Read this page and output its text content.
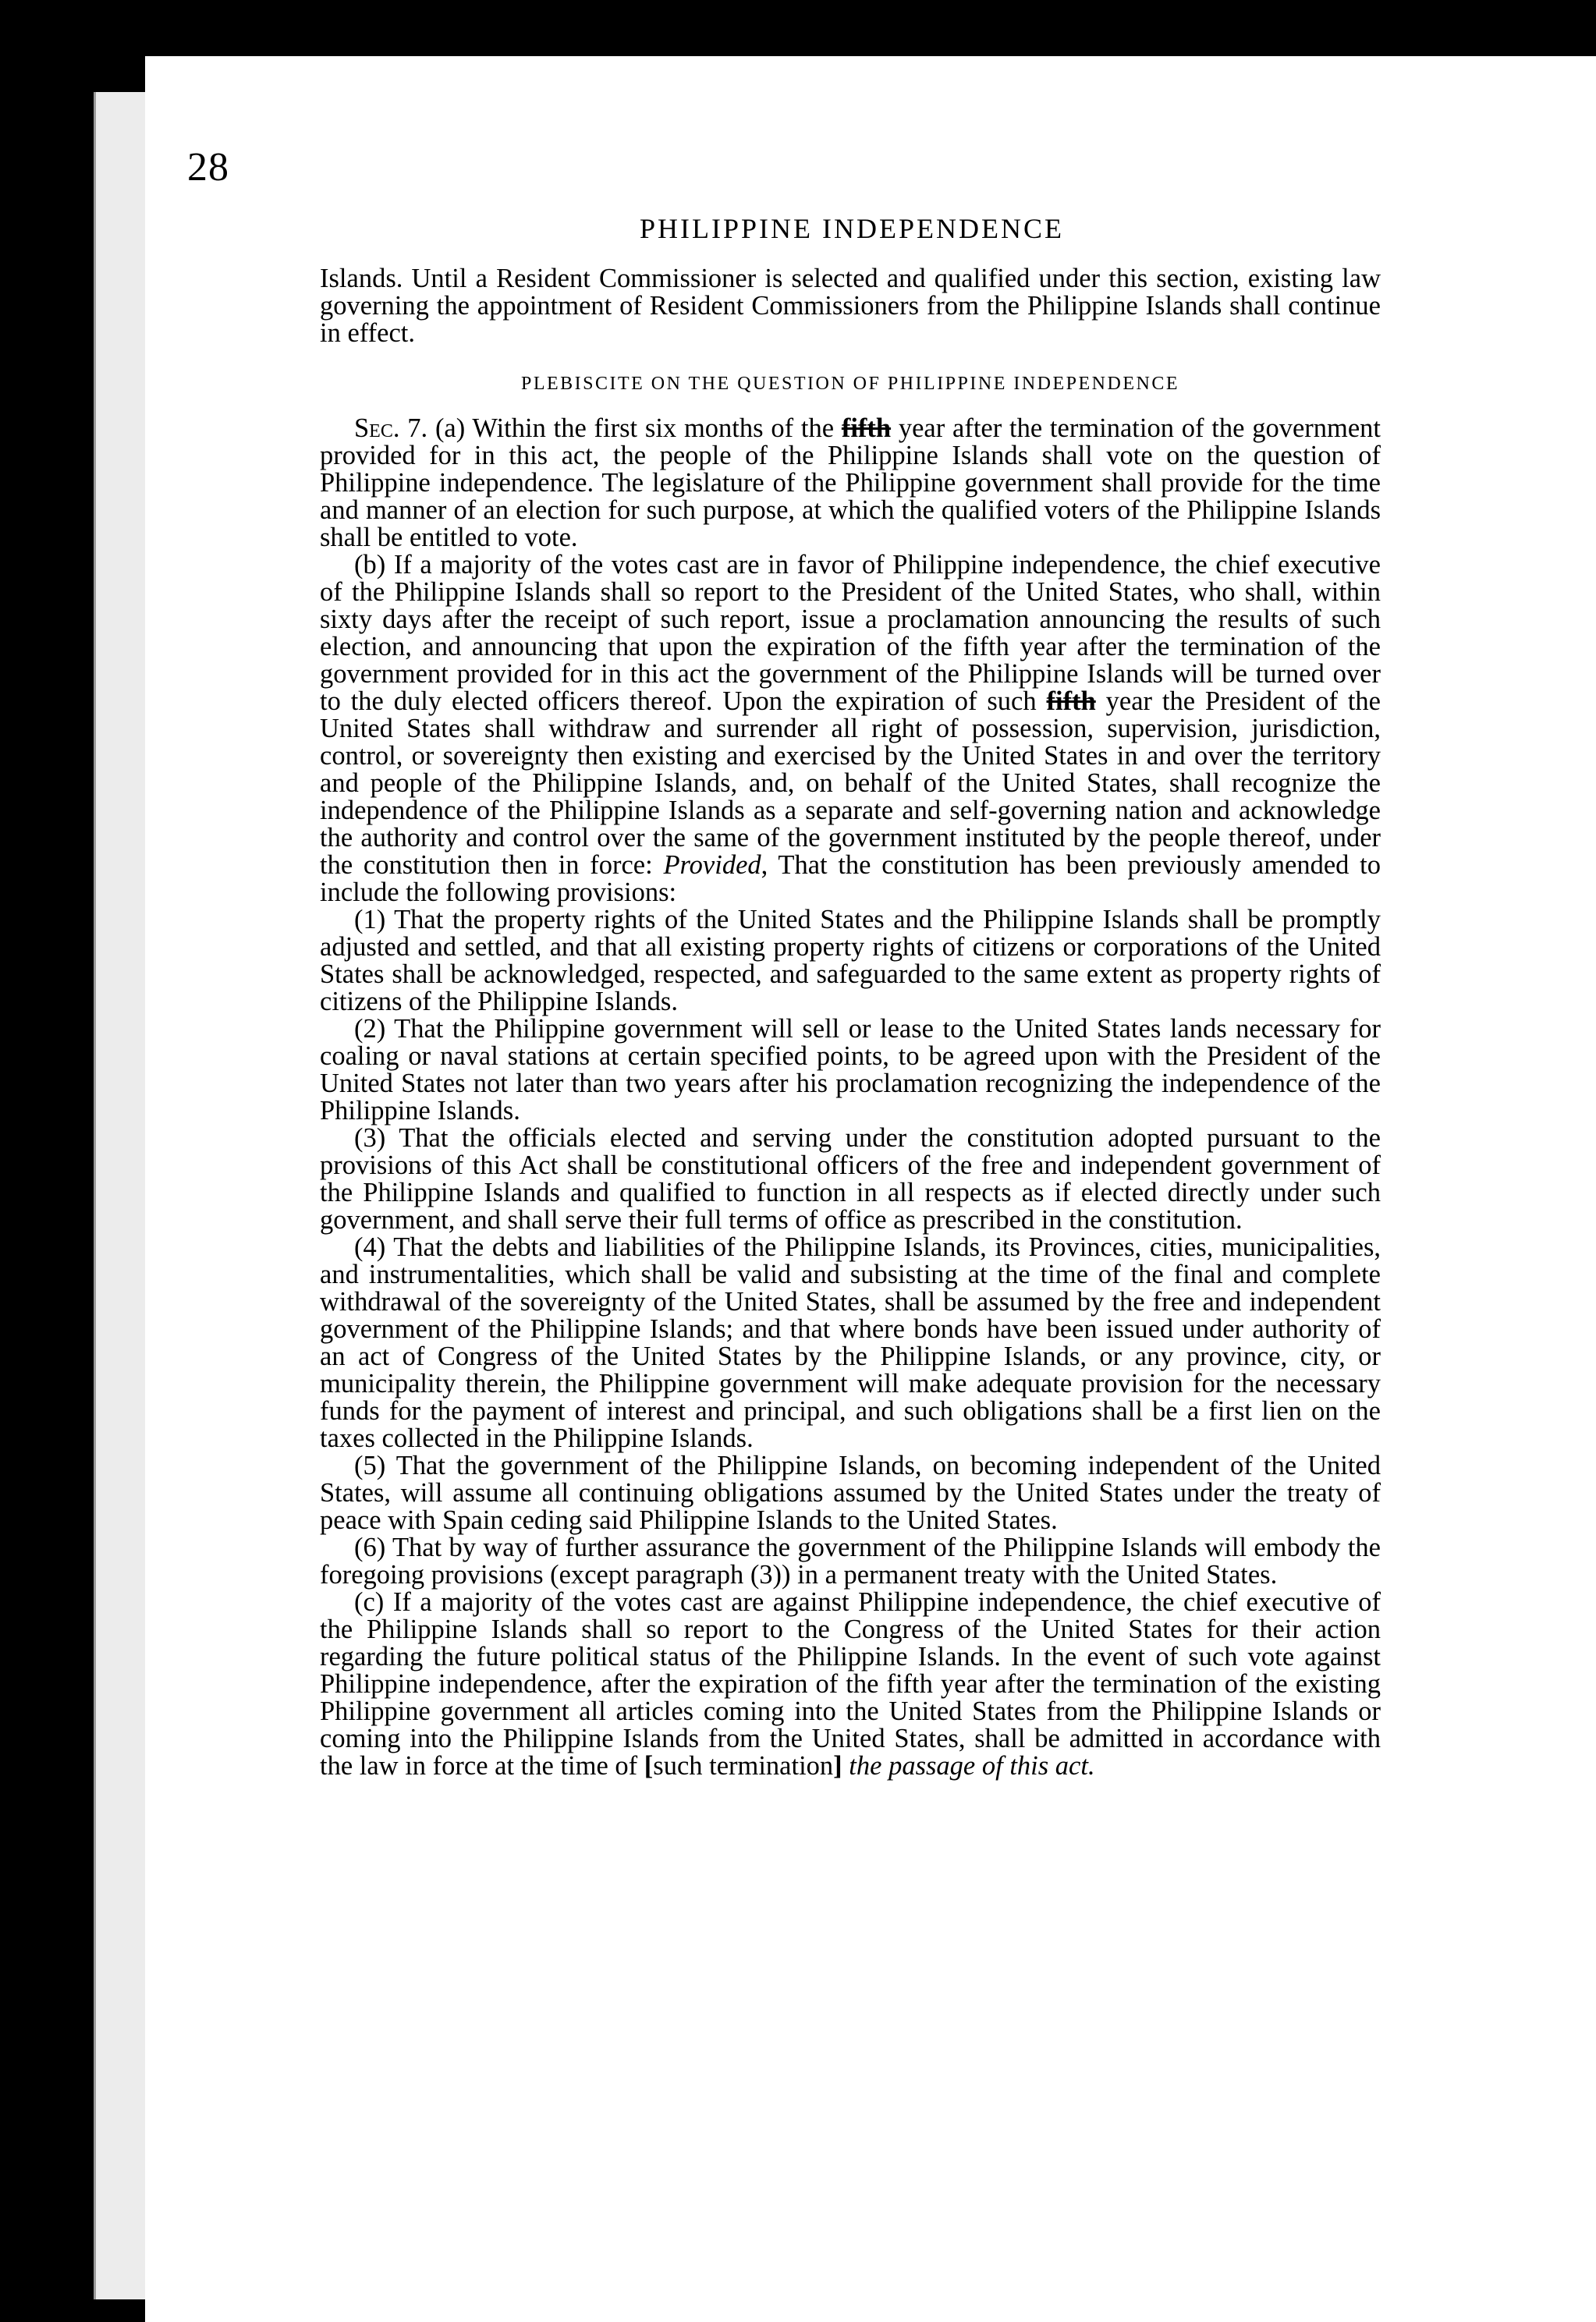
28
PHILIPPINE INDEPENDENCE

Islands. Until a Resident Commissioner is selected and qualified under this section, existing law governing the appointment of Resident Commissioners from the Philippine Islands shall continue in effect.

PLEBISCITE ON THE QUESTION OF PHILIPPINE INDEPENDENCE

Sec. 7. (a) Within the first six months of the fifth year after the termination of the government provided for in this act, the people of the Philippine Islands shall vote on the question of Philippine independence. The legislature of the Philippine government shall provide for the time and manner of an election for such purpose, at which the qualified voters of the Philippine Islands shall be entitled to vote.

(b) If a majority of the votes cast are in favor of Philippine independence, the chief executive of the Philippine Islands shall so report to the President of the United States, who shall, within sixty days after the receipt of such report, issue a proclamation announcing the results of such election, and announcing that upon the expiration of the fifth year after the termination of the government provided for in this act the government of the Philippine Islands will be turned over to the duly elected officers thereof. Upon the expiration of such fifth year the President of the United States shall withdraw and surrender all right of possession, supervision, jurisdiction, control, or sovereignty then existing and exercised by the United States in and over the territory and people of the Philippine Islands, and, on behalf of the United States, shall recognize the independence of the Philippine Islands as a separate and self-governing nation and acknowledge the authority and control over the same of the government instituted by the people thereof, under the constitution then in force: Provided, That the constitution has been previously amended to include the following provisions:

(1) That the property rights of the United States and the Philippine Islands shall be promptly adjusted and settled, and that all existing property rights of citizens or corporations of the United States shall be acknowledged, respected, and safeguarded to the same extent as property rights of citizens of the Philippine Islands.

(2) That the Philippine government will sell or lease to the United States lands necessary for coaling or naval stations at certain specified points, to be agreed upon with the President of the United States not later than two years after his proclamation recognizing the independence of the Philippine Islands.

(3) That the officials elected and serving under the constitution adopted pursuant to the provisions of this Act shall be constitutional officers of the free and independent government of the Philippine Islands and qualified to function in all respects as if elected directly under such government, and shall serve their full terms of office as prescribed in the constitution.

(4) That the debts and liabilities of the Philippine Islands, its Provinces, cities, municipalities, and instrumentalities, which shall be valid and subsisting at the time of the final and complete withdrawal of the sovereignty of the United States, shall be assumed by the free and independent government of the Philippine Islands; and that where bonds have been issued under authority of an act of Congress of the United States by the Philippine Islands, or any province, city, or municipality therein, the Philippine government will make adequate provision for the necessary funds for the payment of interest and principal, and such obligations shall be a first lien on the taxes collected in the Philippine Islands.

(5) That the government of the Philippine Islands, on becoming independent of the United States, will assume all continuing obligations assumed by the United States under the treaty of peace with Spain ceding said Philippine Islands to the United States.

(6) That by way of further assurance the government of the Philippine Islands will embody the foregoing provisions (except paragraph (3)) in a permanent treaty with the United States.

(c) If a majority of the votes cast are against Philippine independence, the chief executive of the Philippine Islands shall so report to the Congress of the United States for their action regarding the future political status of the Philippine Islands. In the event of such vote against Philippine independence, after the expiration of the fifth year after the termination of the existing Philippine government all articles coming into the United States from the Philippine Islands or coming into the Philippine Islands from the United States, shall be admitted in accordance with the law in force at the time of [such termination] the passage of this act.
